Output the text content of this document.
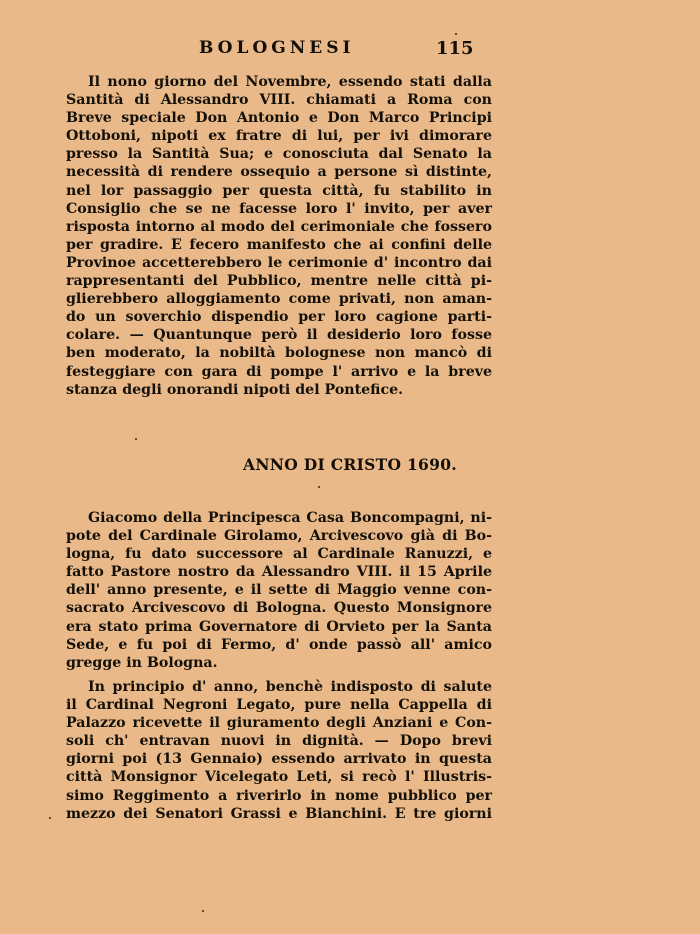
BOLOGNESI	115
Il nono giorno del Novembre, essendo stati dalla
Santità di Alessandro VIII. chiamati a Roma con
Breve speciale Don Antonio e Don Marco Principi
Ottoboni, nipoti ex fratre di lui, per ivi dimorare
presso la Santità Sua; e conosciuta dal Senato la
necessità di rendere ossequio a persone sì distinte,
nel lor passaggio per questa città, fu stabilito in
Consiglio che se ne facesse loro l' invito, per aver
risposta intorno al modo del cerimoniale che fossero
per gradire. E fecero manifesto che ai confini delle
Provinoe accetterebbero le cerimonie d' incontro dai
rappresentanti del Pubblico, mentre nelle città pi-
glierebbero alloggiamento come privati, non aman-
do un soverchio dispendio per loro cagione parti-
colare. — Quantunque però il desiderio loro fosse
ben moderato, la nobiltà bolognese non mancò di
festeggiare con gara di pompe l' arrivo e la breve
stanza degli onorandi nipoti del Pontefice.
ANNO DI CRISTO 1690.
Giacomo della Principesca Casa Boncompagni, ni-
pote del Cardinale Girolamo, Arcivescovo già di Bo-
logna, fu dato successore al Cardinale Ranuzzi, e
fatto Pastore nostro da Alessandro VIII. il 15 Aprile
dell' anno presente, e il sette di Maggio venne con-
sacrato Arcivescovo di Bologna. Questo Monsignore
era stato prima Governatore di Orvieto per la Santa
Sede, e fu poi di Fermo, d' onde passò all' amico
gregge in Bologna.
In principio d' anno, benchè indisposto di salute
il Cardinal Negroni Legato, pure nella Cappella di
Palazzo ricevette il giuramento degli Anziani e Con-
soli ch' entravan nuovi in dignità. — Dopo brevi
giorni poi (13 Gennaio) essendo arrivato in questa
città Monsignor Vicelegato Leti, si recò l' Illustris-
simo Reggimento a riverirlo in nome pubblico per
mezzo dei Senatori Grassi e Bianchini. E tre giorni
